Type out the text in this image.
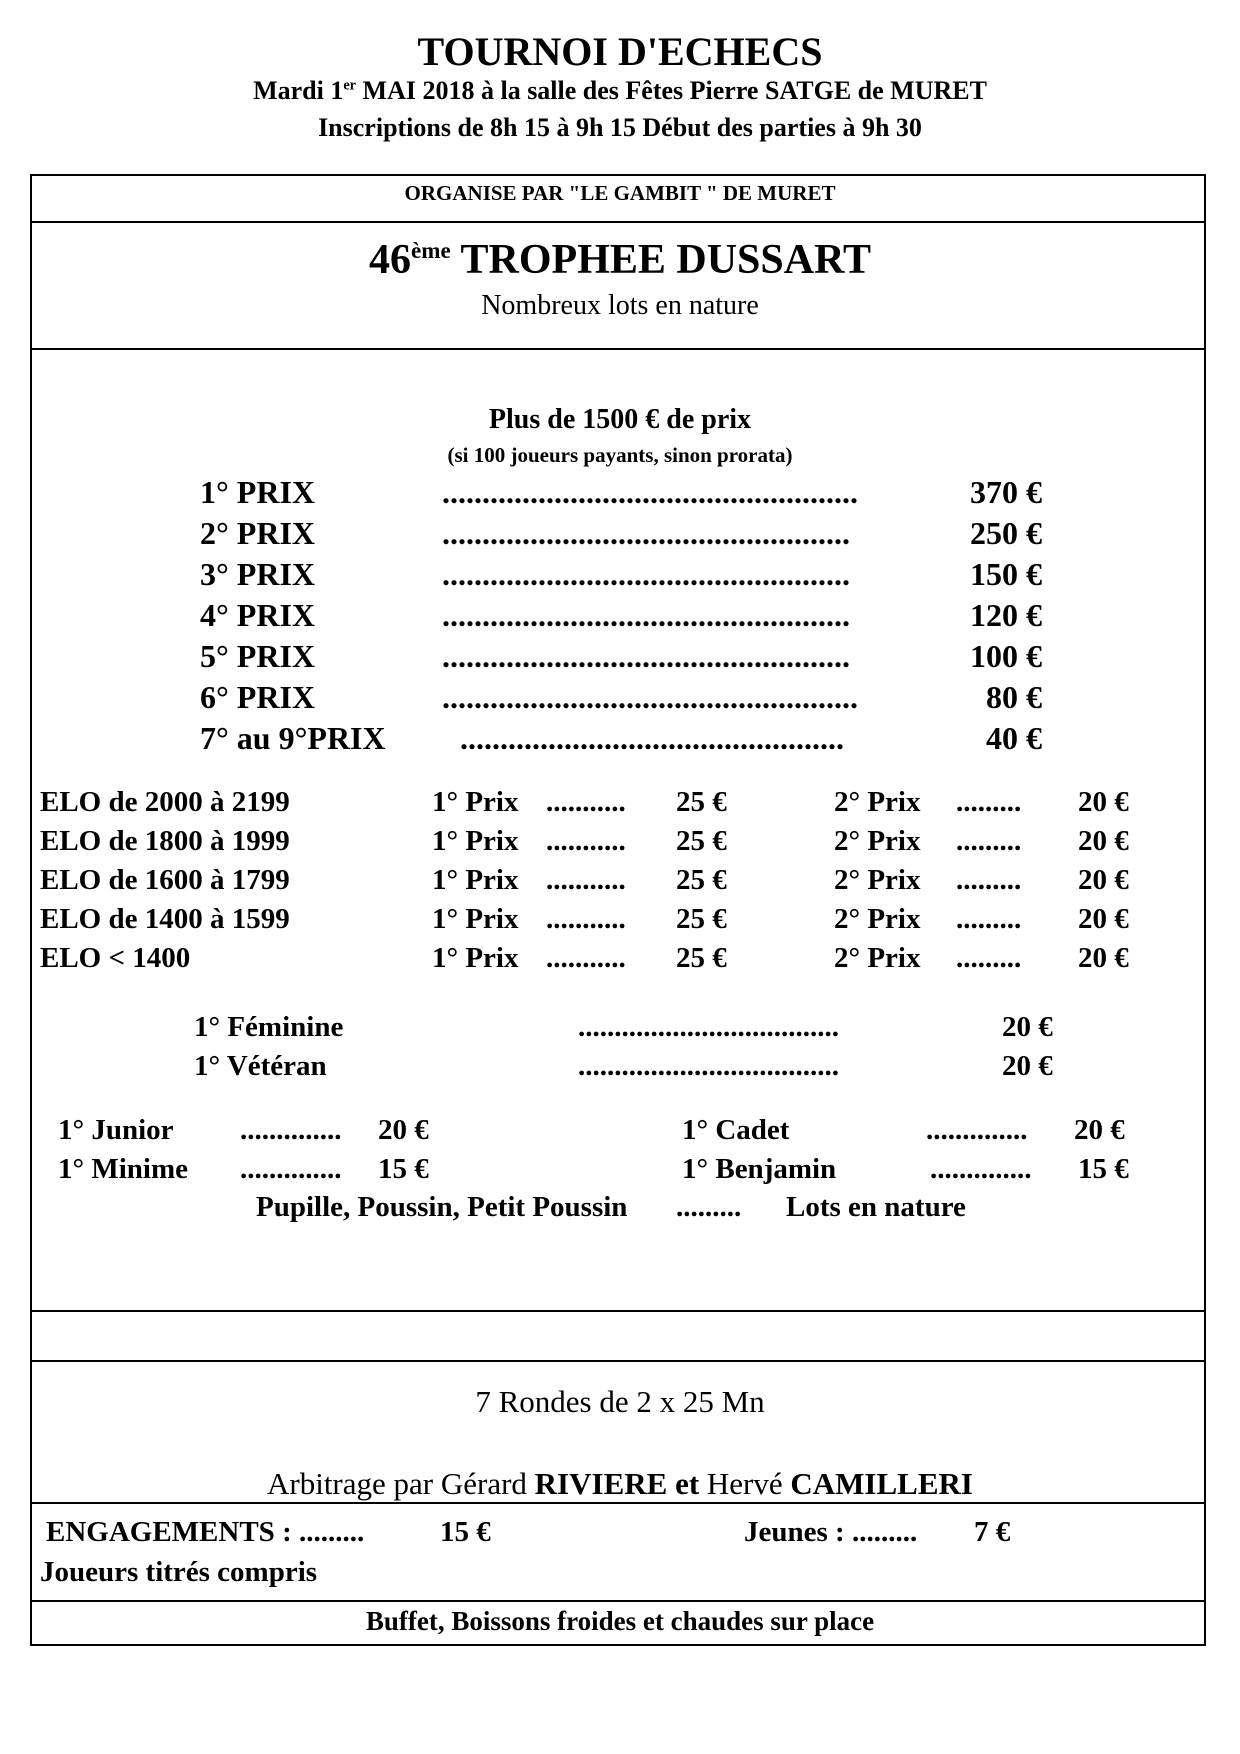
TOURNOI D'ECHECS
Mardi 1er MAI 2018 à la salle des Fêtes Pierre SATGE de MURET
Inscriptions de 8h 15 à 9h 15 Début des parties à 9h 30
ORGANISE PAR "LE GAMBIT " DE MURET
46ème TROPHEE DUSSART
Nombreux lots en nature
Plus de 1500 € de prix
(si 100 joueurs payants, sinon prorata)
1° PRIX	....................................................	370 €
2° PRIX	...................................................	250 €
3° PRIX	...................................................	150 €
4° PRIX	...................................................	120 €
5° PRIX	...................................................	100 €
6° PRIX	....................................................	80 €
7° au 9°PRIX ................................................	40 €
ELO de 2000 à 2199	1° Prix ........... 25 €	2° Prix ......... 20 €
ELO de 1800 à 1999	1° Prix ........... 25 €	2° Prix ......... 20 €
ELO de 1600 à 1799	1° Prix ........... 25 €	2° Prix ......... 20 €
ELO de 1400 à 1599	1° Prix ........... 25 €	2° Prix ......... 20 €
ELO < 1400	1° Prix ........... 25 €	2° Prix ......... 20 €
1° Féminine	....................................	20 €
1° Vétéran	....................................	20 €
1° Junior .............. 20 €	1° Cadet	.............. 20 €
1° Minime .............. 15 €	1° Benjamin	.............. 15 €
Pupille, Poussin, Petit Poussin ......... Lots en nature
7 Rondes de 2 x 25 Mn
Arbitrage par Gérard RIVIERE et Hervé CAMILLERI
ENGAGEMENTS : .........	15 €	Jeunes : ......... 7 €
Joueurs titrés compris
Buffet, Boissons froides et chaudes sur place
